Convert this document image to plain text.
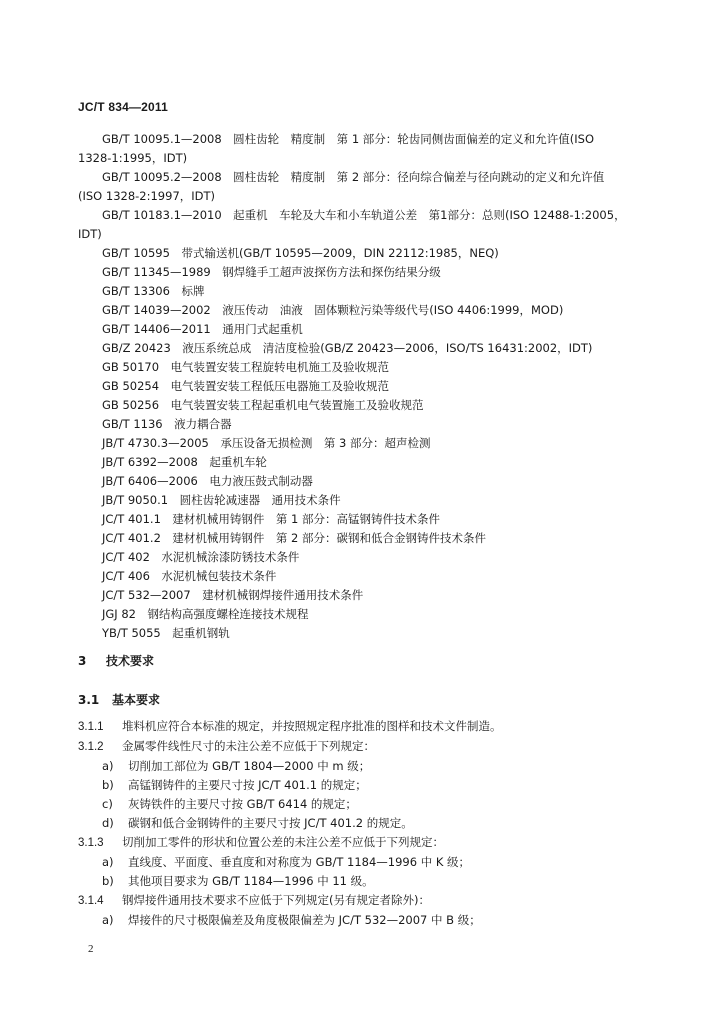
JC/T 834—2011
GB/T 10095.1—2008　圆柱齿轮　精度制　第 1 部分：轮齿同侧齿面偏差的定义和允许值(ISO
1328-1:1995，IDT)
GB/T 10095.2—2008　圆柱齿轮　精度制　第 2 部分：径向综合偏差与径向跳动的定义和允许值
(ISO 1328-2:1997，IDT)
GB/T 10183.1—2010　起重机　车轮及大车和小车轨道公差　第1部分：总则(ISO 12488-1:2005，
IDT)
GB/T 10595　带式输送机(GB/T 10595—2009，DIN 22112:1985，NEQ)
GB/T 11345—1989　钢焊缝手工超声波探伤方法和探伤结果分级
GB/T 13306　标牌
GB/T 14039—2002　液压传动　油液　固体颗粒污染等级代号(ISO 4406:1999，MOD)
GB/T 14406—2011　通用门式起重机
GB/Z 20423　液压系统总成　清洁度检验(GB/Z 20423—2006，ISO/TS 16431:2002，IDT)
GB 50170　电气装置安装工程旋转电机施工及验收规范
GB 50254　电气装置安装工程低压电器施工及验收规范
GB 50256　电气装置安装工程起重机电气装置施工及验收规范
GB/T 1136　液力耦合器
JB/T 4730.3—2005　承压设备无损检测　第 3 部分：超声检测
JB/T 6392—2008　起重机车轮
JB/T 6406—2006　电力液压鼓式制动器
JB/T 9050.1　圆柱齿轮减速器　通用技术条件
JC/T 401.1　建材机械用铸钢件　第 1 部分：高锰钢铸件技术条件
JC/T 401.2　建材机械用铸钢件　第 2 部分：碳钢和低合金钢铸件技术条件
JC/T 402　水泥机械涂漆防锈技术条件
JC/T 406　水泥机械包装技术条件
JC/T 532—2007　建材机械钢焊接件通用技术条件
JGJ 82　钢结构高强度螺栓连接技术规程
YB/T 5055　起重机钢轨
3 技术要求
3.1 基本要求
3.1.1 堆料机应符合本标准的规定，并按照规定程序批准的图样和技术文件制造。
3.1.2 金属零件线性尺寸的未注公差不应低于下列规定：
a) 切削加工部位为 GB/T 1804—2000 中 m 级；
b) 高锰钢铸件的主要尺寸按 JC/T 401.1 的规定；
c) 灰铸铁件的主要尺寸按 GB/T 6414 的规定；
d) 碳钢和低合金钢铸件的主要尺寸按 JC/T 401.2 的规定。
3.1.3 切削加工零件的形状和位置公差的未注公差不应低于下列规定：
a) 直线度、平面度、垂直度和对称度为 GB/T 1184—1996 中 K 级；
b) 其他项目要求为 GB/T 1184—1996 中 11 级。
3.1.4 钢焊接件通用技术要求不应低于下列规定(另有规定者除外)：
a) 焊接件的尺寸极限偏差及角度极限偏差为 JC/T 532—2007 中 B 级；
2
